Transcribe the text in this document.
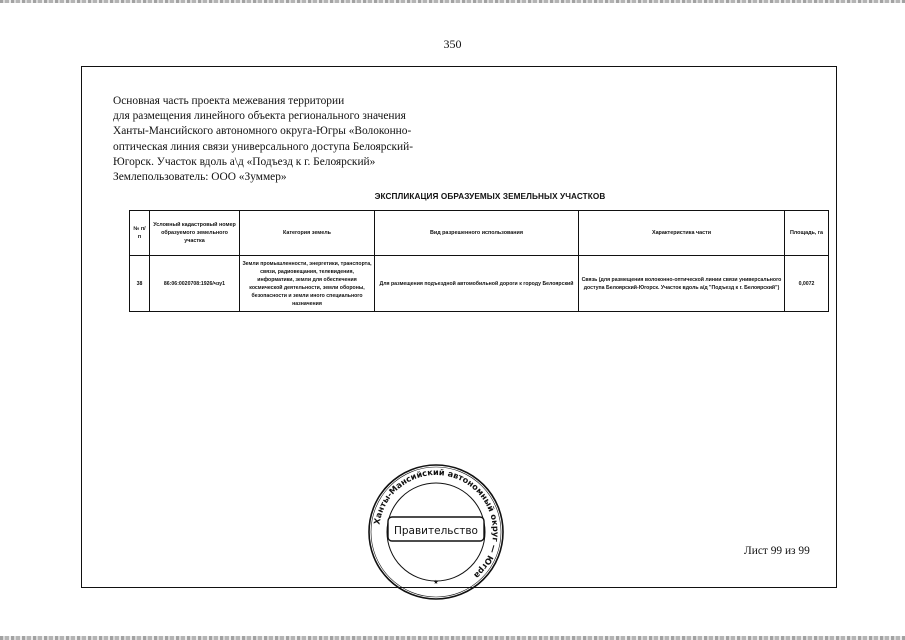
350
Основная часть проекта межевания территории
для размещения линейного объекта регионального значения
Ханты-Мансийского автономного округа-Югры «Волоконно-
оптическая линия связи универсального доступа Белоярский-
Югорск. Участок вдоль а\д «Подъезд к г. Белоярский»
Землепользователь: ООО «Зуммер»
ЭКСПЛИКАЦИЯ ОБРАЗУЕМЫХ ЗЕМЕЛЬНЫХ УЧАСТКОВ
№ п/п	Условный кадастровый номер образуемого земельного участка	Категория земель	Вид разрешенного использования	Характеристика части	Площадь, га
38	86:06:0020708:1926/чзу1	Земли промышленности, энергетики, транспорта, связи, радиовещания, телевидения, информатики, земли для обеспечения космической деятельности, земли обороны, безопасности и земли иного специального назначения	Для размещения подъездной автомобильной дороги к городу Белоярский	Связь (для размещения волоконно-оптической линии связи универсального доступа Белоярский-Югорск. Участок вдоль а/д "Подъезд к г. Белоярский")	0,0072
Ханты-Мансийский автономный округ — Югра
Правительство
★
Лист 99 из 99
